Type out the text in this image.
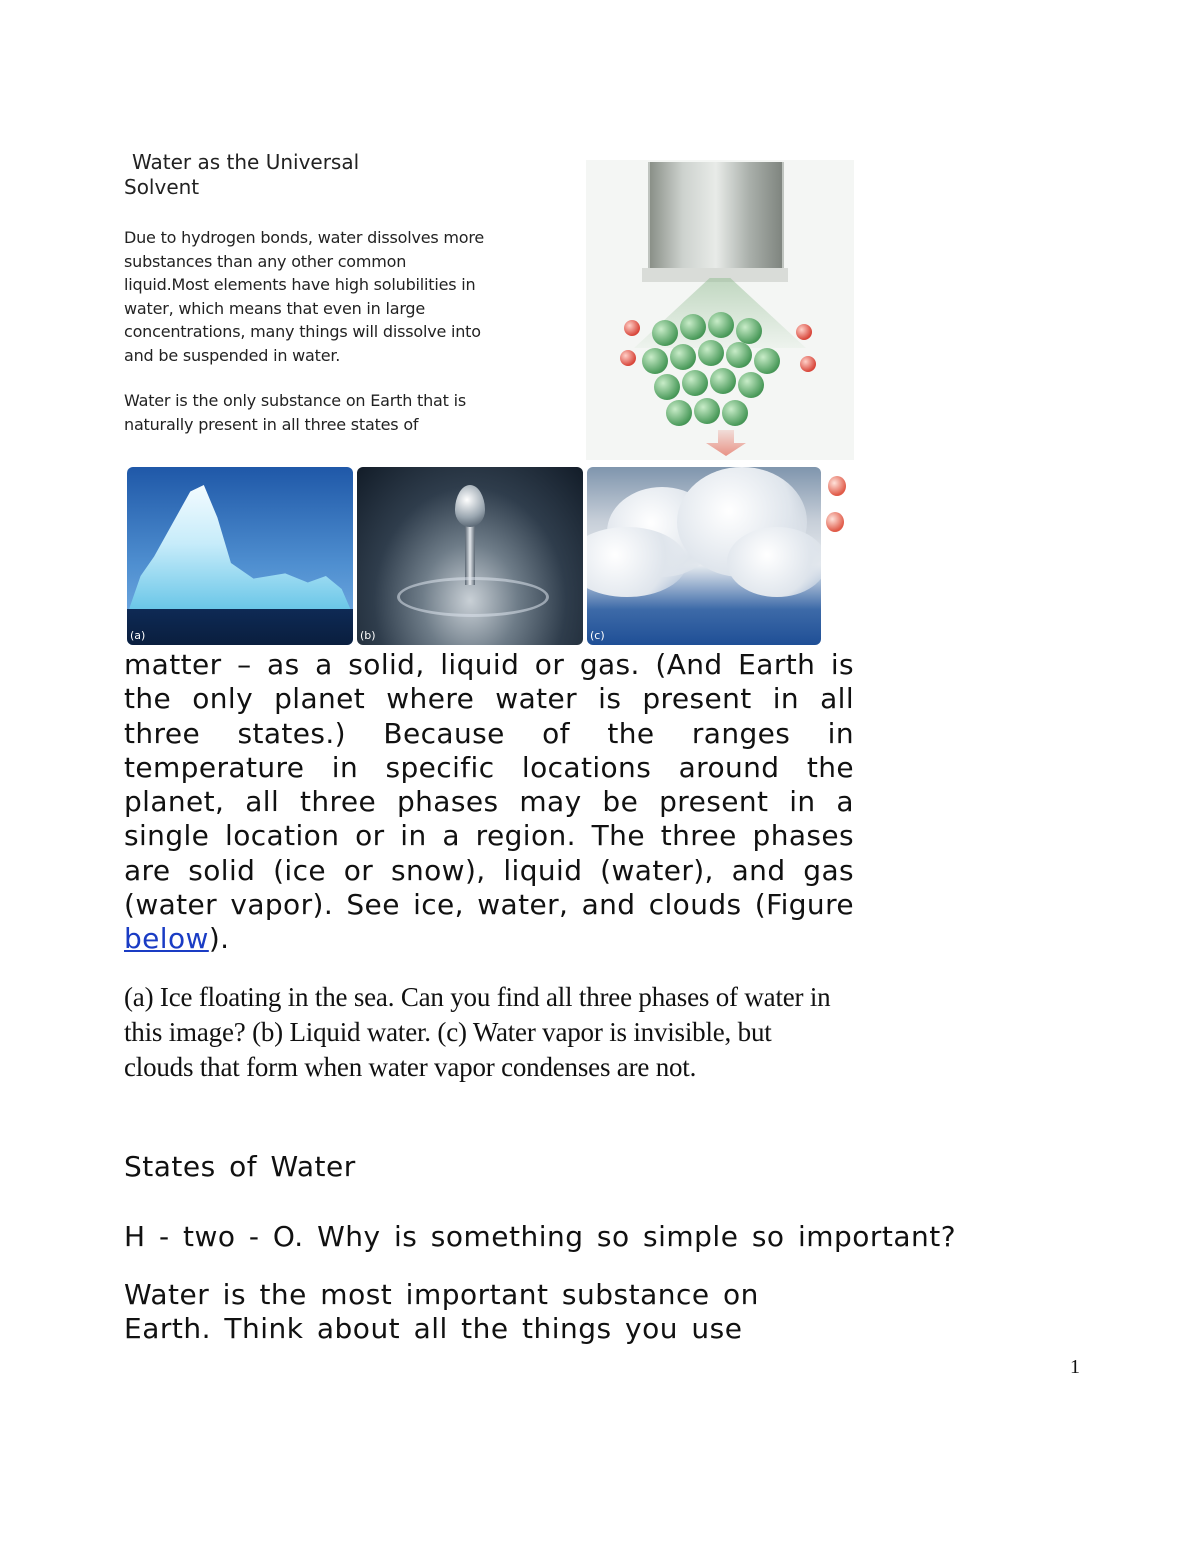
Water as the Universal
Solvent

Due to hydrogen bonds, water dissolves more substances than any other common liquid.Most elements have high solubilities in water, which means that even in large concentrations, many things will dissolve into and be suspended in water.

Water is the only substance on Earth that is naturally present in all three states of

(a)	(b)	(c)
matter – as a solid, liquid or gas. (And Earth is the only planet where water is present in all three states.) Because of the ranges in temperature in specific locations around the planet, all three phases may be present in a single location or in a region. The three phases are solid (ice or snow), liquid (water), and gas (water vapor). See ice, water, and clouds (Figure below).
(a) Ice floating in the sea. Can you find all three phases of water in this image? (b) Liquid water. (c) Water vapor is invisible, but clouds that form when water vapor condenses are not.
States of Water
H - two - O. Why is something so simple so important?
Water is the most important substance on Earth. Think about all the things you use
1
